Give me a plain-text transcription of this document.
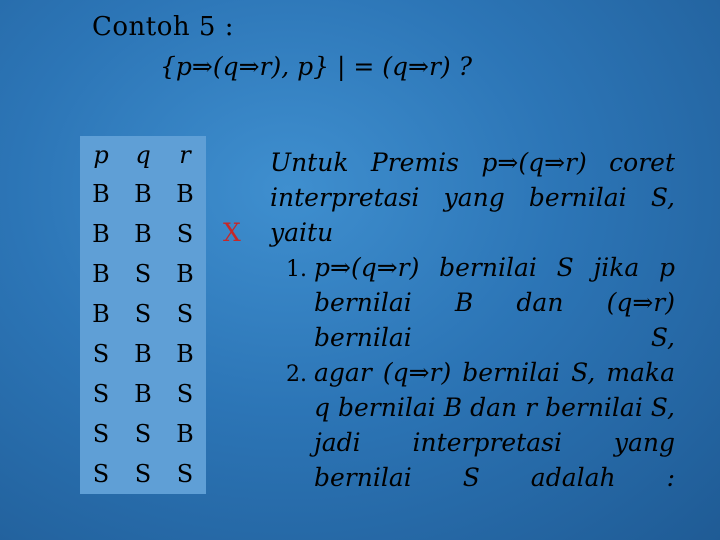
Contoh 5 :
{p⇒(q⇒r), p} | = (q⇒r) ?
p	q	r
B	B	B
B	B	S
B	S	B
B	S	S
S	B	B
S	B	S
S	S	B
S	S	S
X

Untuk Premis p⇒(q⇒r) coret interpretasi yang bernilai S, yaitu

1. p⇒(q⇒r) bernilai S jika p bernilai B dan (q⇒r) bernilai S,
2. agar (q⇒r) bernilai S, maka q bernilai B dan r bernilai S, jadi interpretasi yang bernilai S adalah :
